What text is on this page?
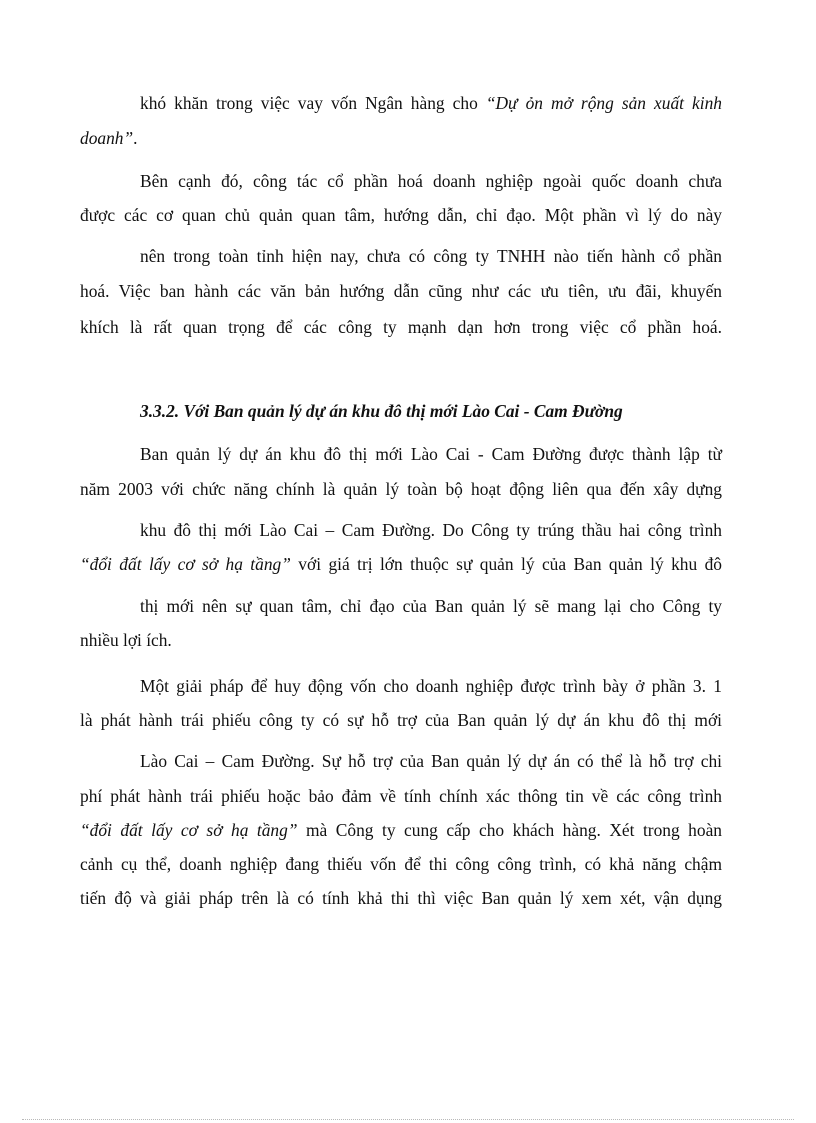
khó khăn trong việc vay vốn Ngân hàng cho “Dự ỏn mở rộng sản xuất kinh
doanh”.
Bên cạnh đó, công tác cổ phần hoá doanh nghiệp ngoài quốc doanh chưa
được các cơ quan chủ quản quan tâm, hướng dẫn, chỉ đạo. Một phần vì lý do này
nên trong toàn tỉnh hiện nay, chưa có công ty TNHH nào tiến hành cổ phần
hoá. Việc ban hành các văn bản hướng dẫn cũng như các ưu tiên, ưu đãi, khuyến
khích là rất quan trọng để các công ty mạnh dạn hơn trong việc cổ phần hoá.
3.3.2. Với Ban quản lý dự án khu đô thị mới Lào Cai - Cam Đường
Ban quản lý dự án khu đô thị mới Lào Cai - Cam Đường được thành lập từ
năm 2003 với chức năng chính là quản lý toàn bộ hoạt động liên qua đến xây dựng
khu đô thị mới Lào Cai – Cam Đường. Do Công ty trúng thầu hai công trình
“đổi đất lấy cơ sở hạ tầng” với giá trị lớn thuộc sự quản lý của Ban quản lý khu đô
thị mới nên sự quan tâm, chỉ đạo của Ban quản lý sẽ mang lại cho Công ty
nhiều lợi ích.
Một giải pháp để huy động vốn cho doanh nghiệp được trình bày ở phần 3. 1
là phát hành trái phiếu công ty có sự hỗ trợ của Ban quản lý dự án khu đô thị mới
Lào Cai – Cam Đường. Sự hỗ trợ của Ban quản lý dự án có thể là hỗ trợ chi
phí phát hành trái phiếu hoặc bảo đảm về tính chính xác thông tin về các công trình
“đổi đất lấy cơ sở hạ tầng” mà Công ty cung cấp cho khách hàng. Xét trong hoàn
cảnh cụ thể, doanh nghiệp đang thiếu vốn để thi công công trình, có khả năng chậm
tiến độ và giải pháp trên là có tính khả thi thì việc Ban quản lý xem xét, vận dụng
